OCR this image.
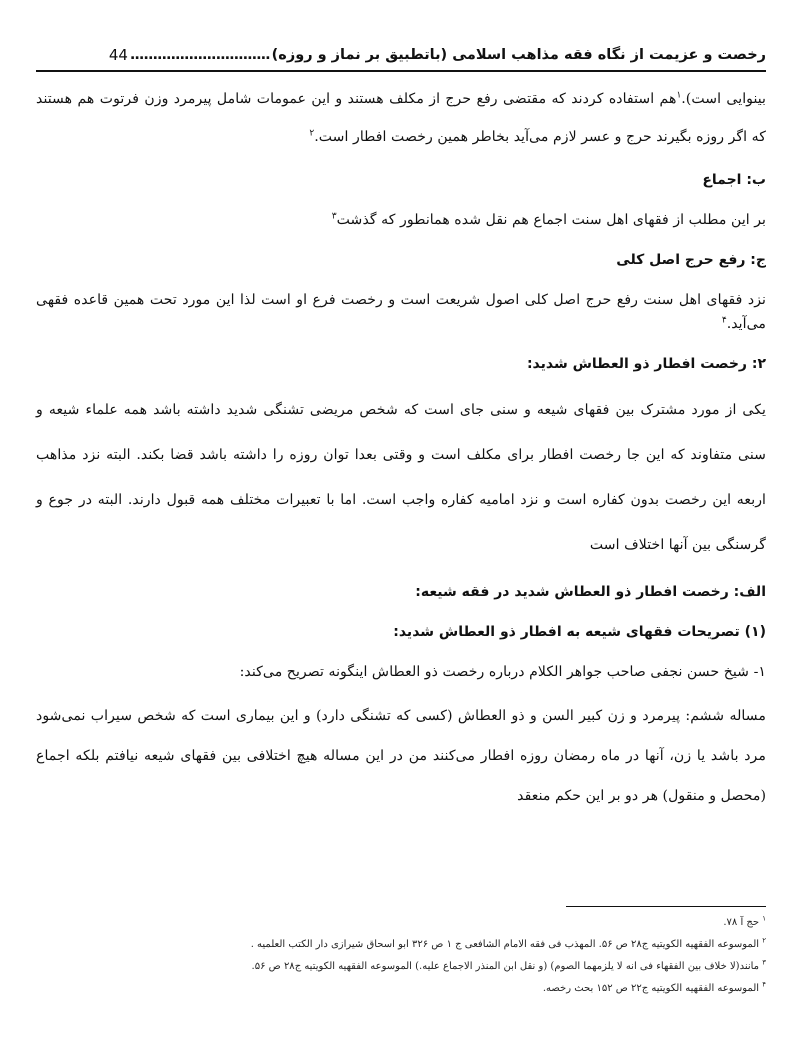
رخصت و عزیمت از نگاه فقه مذاهب اسلامی (باتطبیق بر نماز و روزه)
...............................
44

بینوایی است).$^۱$هم استفاده کردند که مقتضی رفع حرج از مکلف هستند و این عمومات شامل پیرمرد وزن فرتوت هم هستند که اگر روزه بگیرند حرج و عسر لازم می‌آید بخاطر همین رخصت افطار است.$^۲$

ب: اجماع

بر این مطلب از فقهای اهل سنت اجماع هم نقل شده همانطور که گذشت$^۳$

ج: رفع حرج اصل کلی

نزد فقهای اهل سنت رفع حرج اصل کلی اصول شریعت است و رخصت فرع او است لذا این مورد تحت همین قاعده فقهی می‌آید.$^۴$

۲: رخصت افطار ذو العطاش شدید:

یکی از مورد مشترک بین فقهای شیعه و سنی جای است که شخص مریضی تشنگی شدید داشته باشد همه علماء شیعه و سنی متفاوند که این جا رخصت افطار برای مکلف است و وقتی بعدا توان روزه را داشته باشد قضا بکند. البته نزد مذاهب اربعه این رخصت بدون کفاره است و نزد امامیه کفاره واجب است. اما با تعبیرات مختلف همه قبول دارند. البته در جوع و گرسنگی بین آنها اختلاف است

الف: رخصت افطار ذو العطاش شدید در فقه شیعه:

(۱) تصریحات فقهای شیعه به افطار ذو العطاش شدید:

۱- شیخ حسن نجفی صاحب جواهر الکلام درباره رخصت ذو العطاش اینگونه تصریح می‌کند:

مساله ششم: پیرمرد و زن کبیر السن و ذو العطاش (کسی که تشنگی دارد) و این بیماری است که شخص سیراب نمی‌شود مرد باشد یا زن، آنها در ماه رمضان روزه افطار می‌کنند من در این مساله هیچ اختلافی بین فقهای شیعه نیافتم بلکه اجماع (محصل و منقول) هر دو بر این حکم منعقد

$^۱$ حج آ ۷۸.

$^۲$ الموسوعه الفقهیه الکویتیه ج۲۸ ص ۵۶. المهذب فی فقه الامام الشافعی ج ۱ ص ۳۲۶ ابو اسحاق شیرازی دار الکتب العلمیه .

$^۳$ مانند(لا خلاف بین الفقهاء فی انه لا یلزمهما الصوم) (و نقل ابن المنذر الاجماع علیه.) الموسوعه الفقهیه الکویتیه ج۲۸ ص ۵۶.

$^۴$ الموسوعه الفقهیه الکویتیه ج۲۲ ص ۱۵۲ بحث رخصه.
